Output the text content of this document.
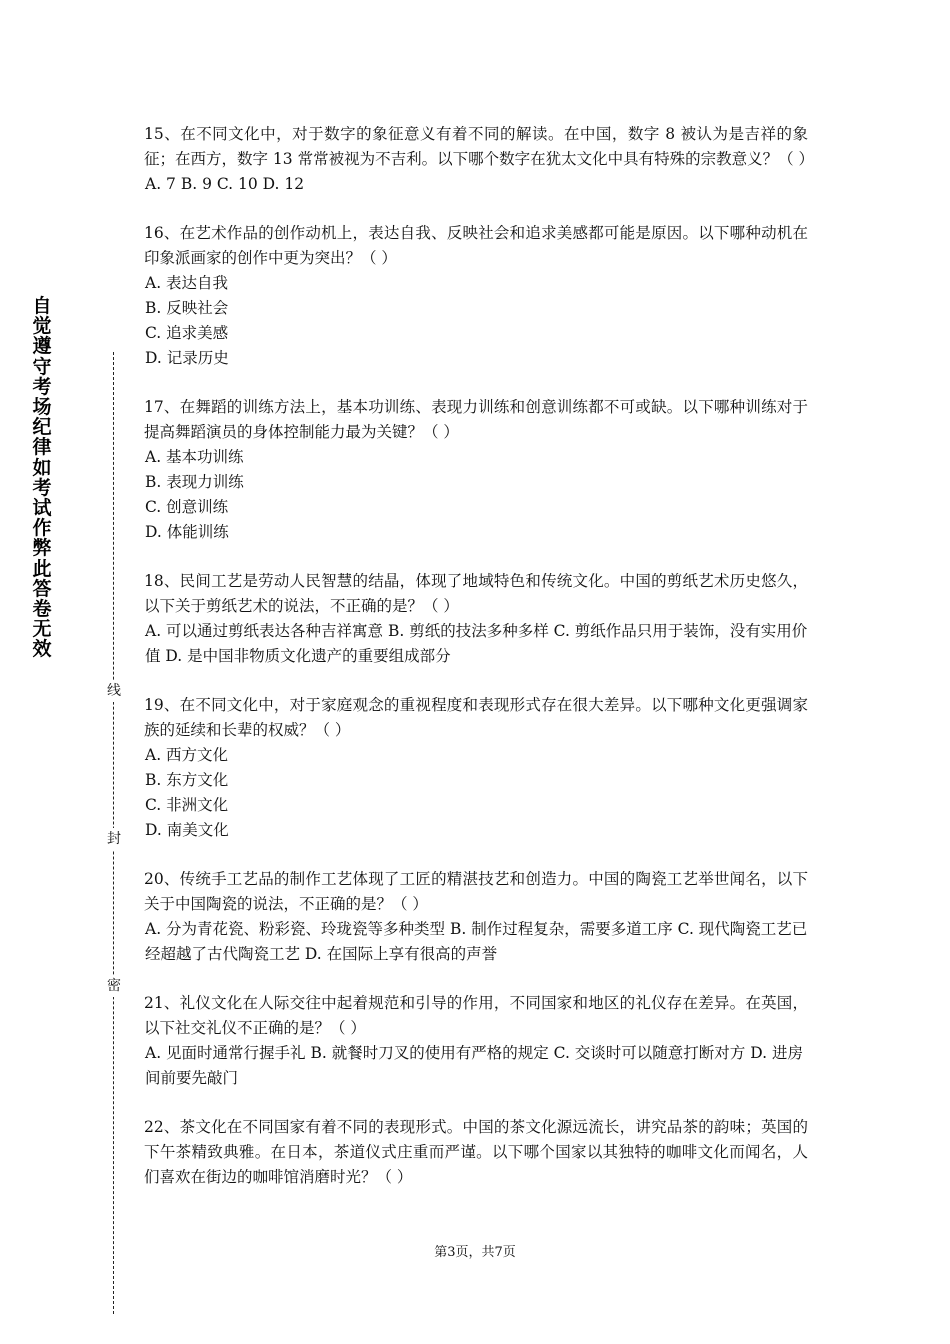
自觉遵守考场纪律如考试作弊此答卷无效
线
封
密
15、在不同文化中，对于数字的象征意义有着不同的解读。在中国，数字 8 被认为是吉祥的象征；在西方，数字 13 常常被视为不吉利。以下哪个数字在犹太文化中具有特殊的宗教意义？（ ）
A. 7 B. 9 C. 10 D. 12
16、在艺术作品的创作动机上，表达自我、反映社会和追求美感都可能是原因。以下哪种动机在印象派画家的创作中更为突出？（ ）
A. 表达自我
B. 反映社会
C. 追求美感
D. 记录历史
17、在舞蹈的训练方法上，基本功训练、表现力训练和创意训练都不可或缺。以下哪种训练对于提高舞蹈演员的身体控制能力最为关键？（ ）
A. 基本功训练
B. 表现力训练
C. 创意训练
D. 体能训练
18、民间工艺是劳动人民智慧的结晶，体现了地域特色和传统文化。中国的剪纸艺术历史悠久，以下关于剪纸艺术的说法，不正确的是？（ ）
A. 可以通过剪纸表达各种吉祥寓意 B. 剪纸的技法多种多样 C. 剪纸作品只用于装饰，没有实用价值 D. 是中国非物质文化遗产的重要组成部分
19、在不同文化中，对于家庭观念的重视程度和表现形式存在很大差异。以下哪种文化更强调家族的延续和长辈的权威？（ ）
A. 西方文化
B. 东方文化
C. 非洲文化
D. 南美文化
20、传统手工艺品的制作工艺体现了工匠的精湛技艺和创造力。中国的陶瓷工艺举世闻名，以下关于中国陶瓷的说法，不正确的是？（ ）
A. 分为青花瓷、粉彩瓷、玲珑瓷等多种类型 B. 制作过程复杂，需要多道工序 C. 现代陶瓷工艺已经超越了古代陶瓷工艺 D. 在国际上享有很高的声誉
21、礼仪文化在人际交往中起着规范和引导的作用，不同国家和地区的礼仪存在差异。在英国，以下社交礼仪不正确的是？（ ）
A. 见面时通常行握手礼 B. 就餐时刀叉的使用有严格的规定 C. 交谈时可以随意打断对方 D. 进房间前要先敲门
22、茶文化在不同国家有着不同的表现形式。中国的茶文化源远流长，讲究品茶的韵味；英国的下午茶精致典雅。在日本，茶道仪式庄重而严谨。以下哪个国家以其独特的咖啡文化而闻名，人们喜欢在街边的咖啡馆消磨时光？（ ）
第3页，共7页
